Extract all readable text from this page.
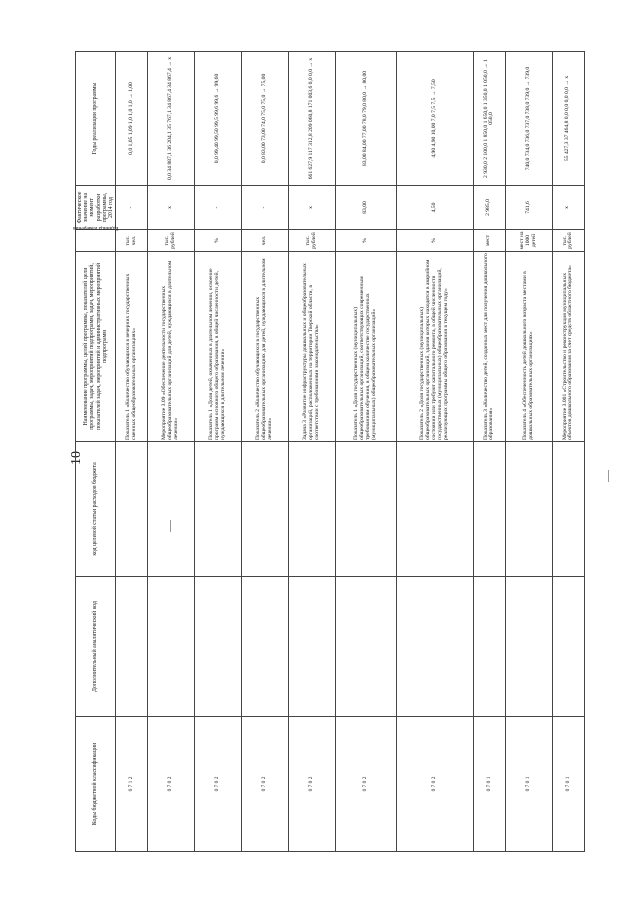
10
Коды бюджетной классификации	Дополнительный аналитический код	код целевой статьи расходов бюджета	Наименование программы, целей программы, показателей цели программы, задач, мероприятий подпрограмм, задач, мероприятий, показателей задач, мероприятий и административных мероприятий подпрограмм	Единица измерения	Фактическое значение на момент разработки программы, 2014 год	Годы реализации программы
0 7 1 2			Показатель 1 «Количество обучающихся в вечерних государственных сменных общеобразовательных организациях»	тыс. чел.	-	0,0 1,05 1,09 1,0 1,0 1,0 → 1,00
0 7 0 2			Мероприятие 3.09 «Обеспечение деятельности государственных общеобразовательных организаций для детей, нуждающихся в длительном лечении»	тыс. рублей	x	0,0 34 887,1 36 204,1 35 767,1 34 867,4 34 867,4 → x
0 7 0 2			Показатель 1 «Доля детей, охваченных в длительном лечении, освоение программ основного общего образования, в общей численности детей, нуждающихся в длительном лечении»	%	-	0,0 99,40 99,50 99,5 99,6 99,6 → 99,60
0 7 0 2			Показатель 2 «Количество обучающихся в государственных общеобразовательных организациях для детей, нуждающихся в длительном лечении»	чел.	-	0,0 83,00 73,00 74,0 75,0 75,0 → 75,00
0 7 0 2			Задача 3 «Развитие инфраструктуры дошкольных и общеобразовательных организаций, расположенных на территории Тверской области, в соответствии с требованиями законодательства»	тыс. рублей	x	661 627,9 117 312,8 209 060,8 171 003,6 0,0 0,0 → x
0 7 0 2			Показатель 1 «Доля государственных (муниципальных) общеобразовательных организаций, соответствующих современным требованиям обучения, в общем количестве государственных (муниципальных) общеобразовательных организаций»	%	83,00	83,00 84,00 77,00 78,0 79,0 80,0 → 80,00
0 7 0 2			Показатель 2 «Доля государственных (муниципальных) общеобразовательных организаций, здания которых находятся в аварийном состоянии или требуют капитального ремонта, в общей численности государственных (муниципальных) общеобразовательных организаций, реализующих программы общего образования в текущем году»	%	4,50	4,90 4,90 10,00 7,0 7,5 7,5 → 7,50
0 7 0 1			Показатель 3 «Количество детей, созданных мест для получения дошкольного образования»	мест	2 985,0	2 930,0 2 100,0 1 850,0 1 650,0 1 350,0 1 050,0 → 1 050,0
0 7 0 1			Показатель 4 «Обеспеченность детей дошкольного возраста местами в дошкольных образовательных организациях»	мест на 1000 детей	741,6	740,0 734,0 736,0 737,0 738,0 739,0 → 739,0
0 7 0 1			Мероприятие 3.001 «Строительство и реконструкция муниципальных объектов дошкольного образования за счет средств областного бюджета»	тыс. рублей	x	55 427,3 37 464,8 0,0 0,0 0,0 0,0 → x
